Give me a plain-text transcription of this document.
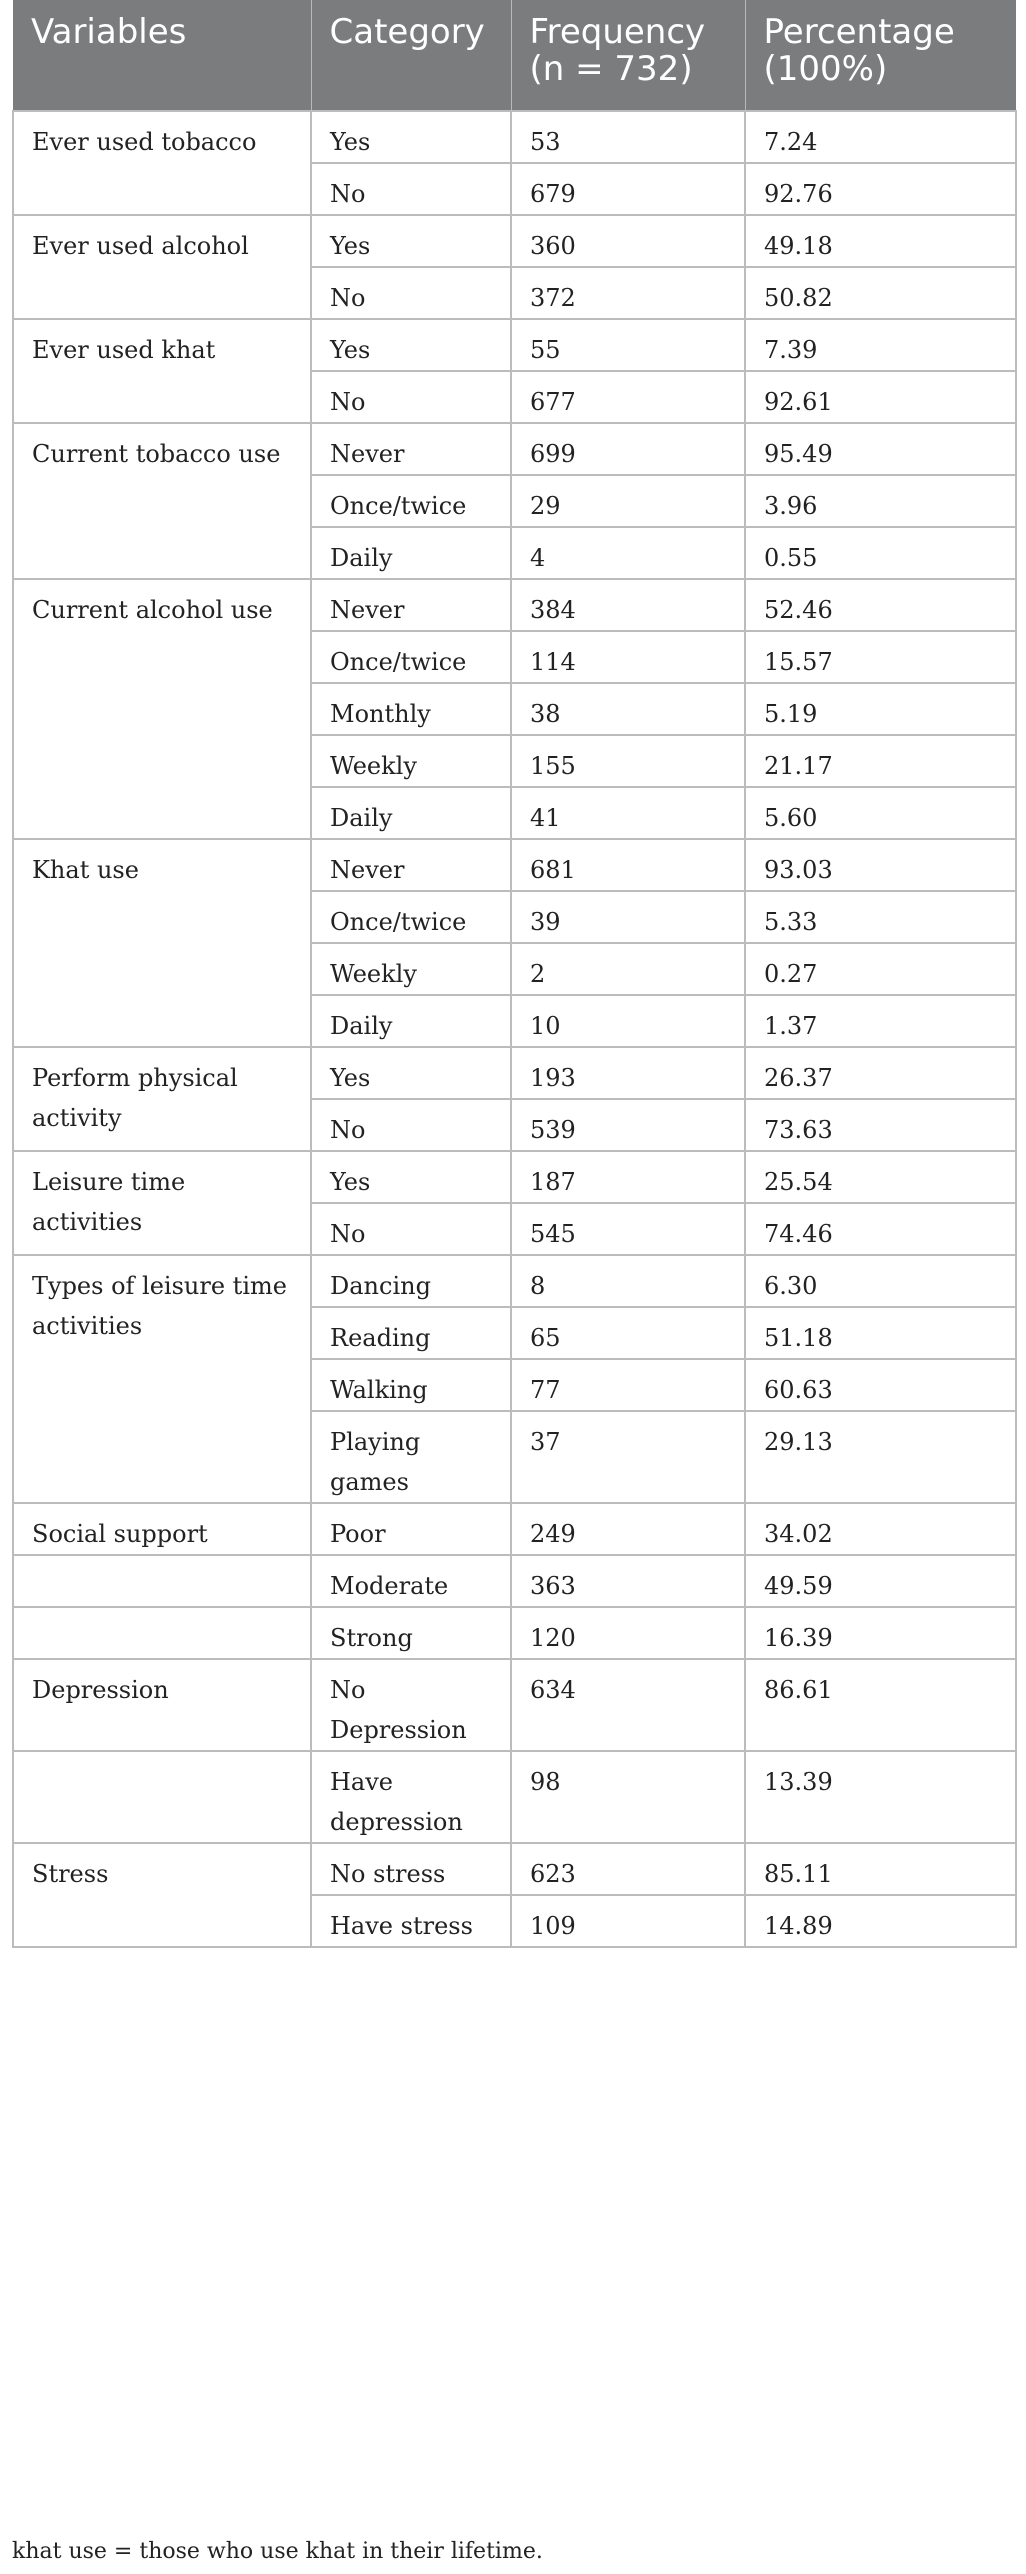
Variables	Category	Frequency (n = 732)	Percentage (100%)
Ever used tobacco	Yes	53	7.24
	No	679	92.76
Ever used alcohol	Yes	360	49.18
	No	372	50.82
Ever used khat	Yes	55	7.39
	No	677	92.61
Current tobacco use	Never	699	95.49
	Once/twice	29	3.96
	Daily	4	0.55
Current alcohol use	Never	384	52.46
	Once/twice	114	15.57
	Monthly	38	5.19
	Weekly	155	21.17
	Daily	41	5.60
Khat use	Never	681	93.03
	Once/twice	39	5.33
	Weekly	2	0.27
	Daily	10	1.37
Perform physical activity	Yes	193	26.37
	No	539	73.63
Leisure time activities	Yes	187	25.54
	No	545	74.46
Types of leisure time activities	Dancing	8	6.30
	Reading	65	51.18
	Walking	77	60.63
	Playing games	37	29.13
Social support	Poor	249	34.02
	Moderate	363	49.59
	Strong	120	16.39
Depression	No Depression	634	86.61
	Have depression	98	13.39
Stress	No stress	623	85.11
	Have stress	109	14.89
khat use = those who use khat in their lifetime.
